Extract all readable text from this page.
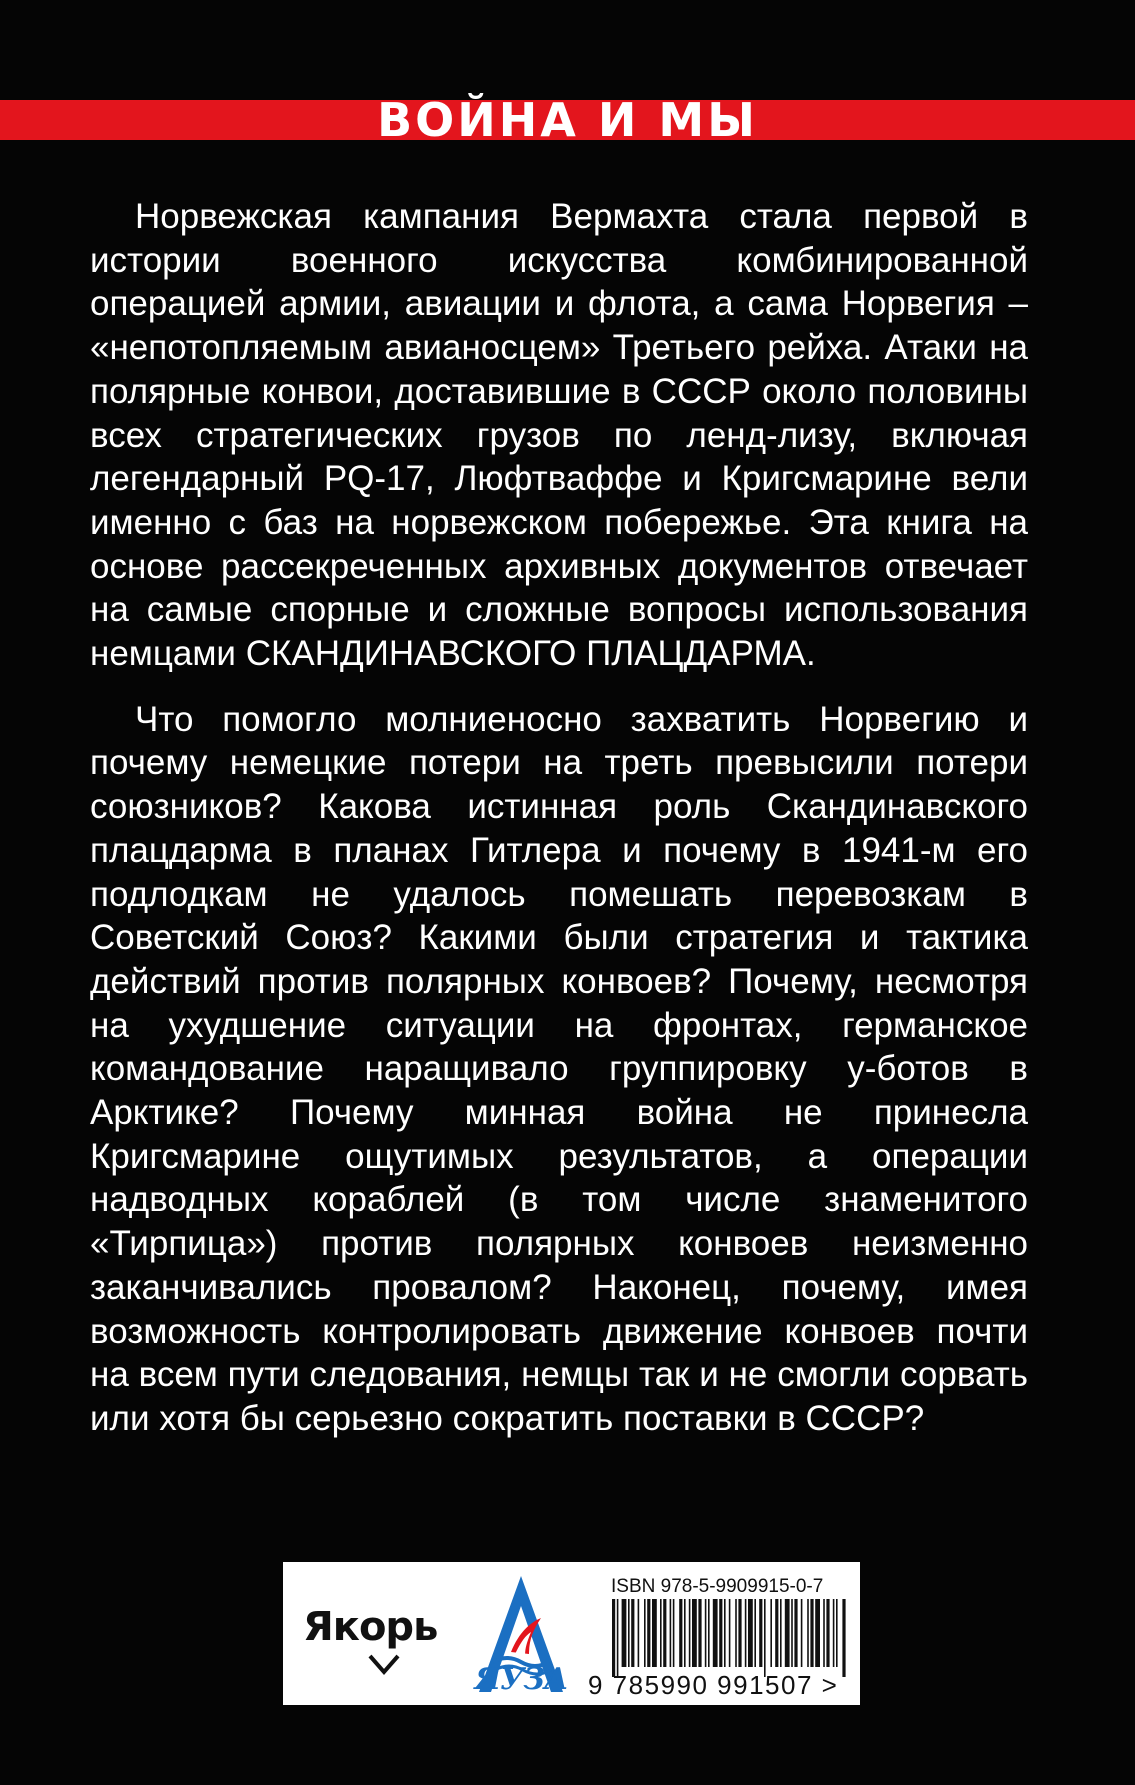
ВОЙНА И МЫ

Норвежская кампания Вермахта стала первой в истории военного искусства комбинированной операцией армии, авиации и флота, а сама Норвегия – «непотопляемым авианосцем» Третьего рейха. Атаки на полярные конвои, доставившие в СССР около половины всех стратегических грузов по ленд-лизу, включая легендарный PQ-17, Люфтваффе и Кригсмарине вели именно с баз на норвежском побережье. Эта книга на основе рассекреченных архивных документов отвечает на самые спорные и сложные вопросы использования немцами СКАНДИНАВСКОГО ПЛАЦДАРМА.

Что помогло молниеносно захватить Норвегию и почему немецкие потери на треть превысили потери союзников? Какова истинная роль Скандинавского плацдарма в планах Гитлера и почему в 1941-м его подлодкам не удалось помешать перевозкам в Советский Союз? Какими были стратегия и тактика действий против полярных конвоев? Почему, несмотря на ухудшение ситуации на фронтах, германское командование наращивало группировку у-ботов в Арктике? Почему минная война не принесла Кригсмарине ощутимых результатов, а операции надводных кораблей (в том числе знаменитого «Тирпица») против полярных конвоев неизменно заканчивались провалом? Наконец, почему, имея возможность контролировать движение конвоев почти на всем пути следования, немцы так и не смогли сорвать или хотя бы серьезно сократить поставки в СССР?

Якорь
ЯУЗА
ISBN 978-5-9909915-0-7
9 785990 991507 >
